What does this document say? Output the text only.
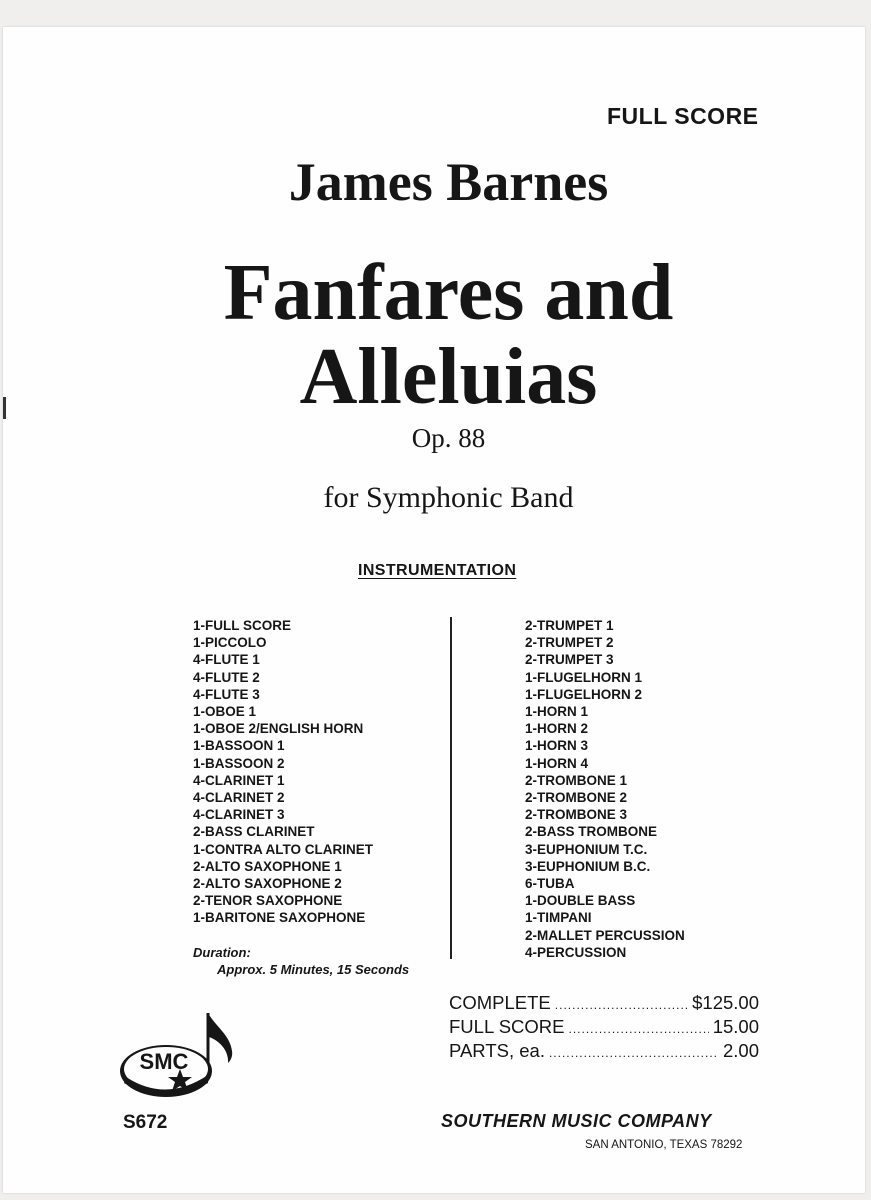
FULL SCORE
James Barnes
Fanfares and
Alleluias
Op. 88
for Symphonic Band
INSTRUMENTATION
1-FULL SCORE
1-PICCOLO
4-FLUTE 1
4-FLUTE 2
4-FLUTE 3
1-OBOE 1
1-OBOE 2/ENGLISH HORN
1-BASSOON 1
1-BASSOON 2
4-CLARINET 1
4-CLARINET 2
4-CLARINET 3
2-BASS CLARINET
1-CONTRA ALTO CLARINET
2-ALTO SAXOPHONE 1
2-ALTO SAXOPHONE 2
2-TENOR SAXOPHONE
1-BARITONE SAXOPHONE
2-TRUMPET 1
2-TRUMPET 2
2-TRUMPET 3
1-FLUGELHORN 1
1-FLUGELHORN 2
1-HORN 1
1-HORN 2
1-HORN 3
1-HORN 4
2-TROMBONE 1
2-TROMBONE 2
2-TROMBONE 3
2-BASS TROMBONE
3-EUPHONIUM T.C.
3-EUPHONIUM B.C.
6-TUBA
1-DOUBLE BASS
1-TIMPANI
2-MALLET PERCUSSION
4-PERCUSSION
Duration:
Approx. 5 Minutes, 15 Seconds
COMPLETE .....	$125.00
FULL SCORE .....	15.00
PARTS, ea. .....	2.00
SMC
S672	SOUTHERN MUSIC COMPANY
SAN ANTONIO, TEXAS 78292
